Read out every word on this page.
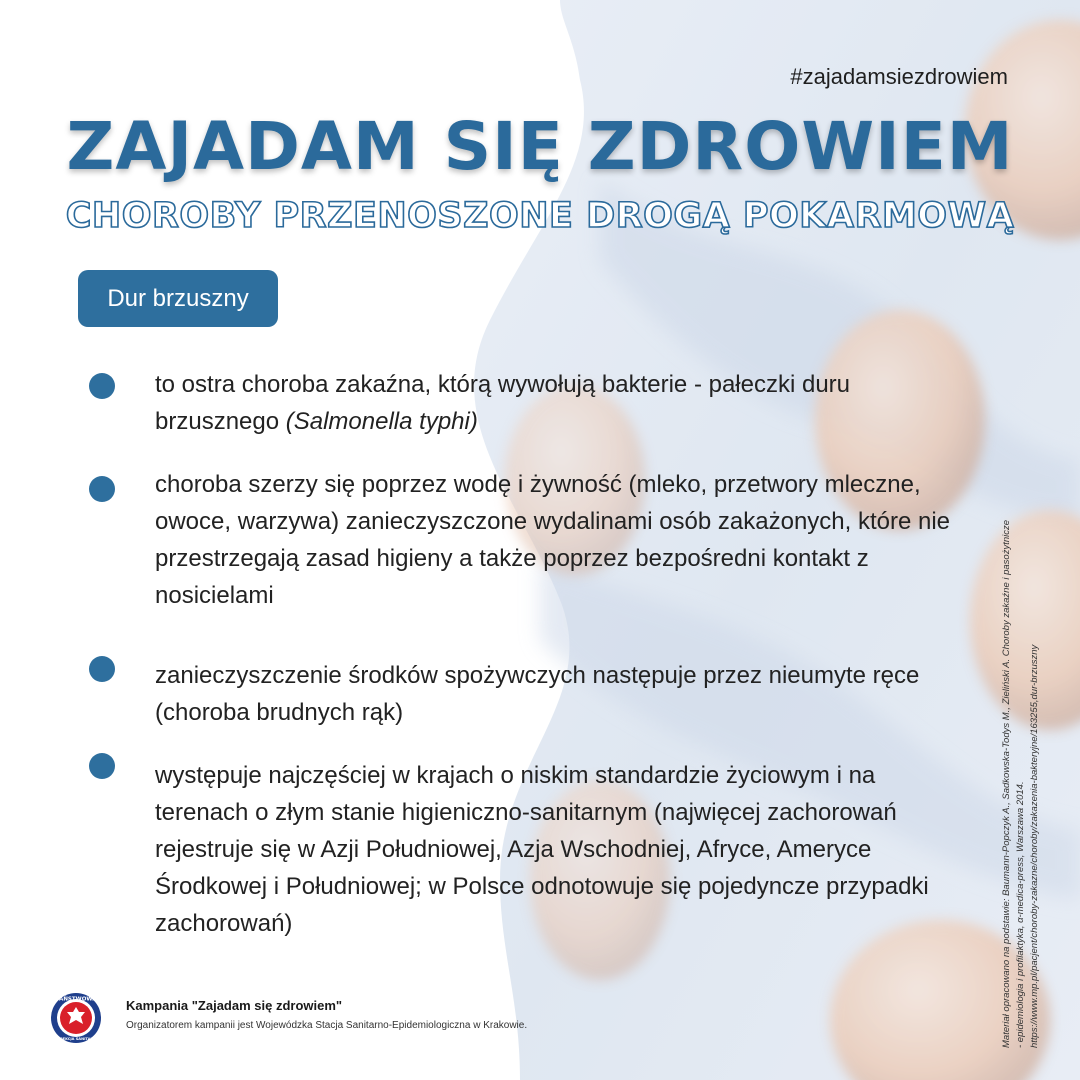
#zajadamsiezdrowiem
ZAJADAM SIĘ ZDROWIEM
CHOROBY PRZENOSZONE DROGĄ POKARMOWĄ
Dur brzuszny
to ostra choroba zakaźna, którą wywołują bakterie - pałeczki duru brzusznego (Salmonella typhi)
choroba szerzy się poprzez wodę i żywność (mleko, przetwory mleczne, owoce, warzywa) zanieczyszczone wydalinami osób zakażonych, które nie przestrzegają zasad higieny a także poprzez bezpośredni kontakt z nosicielami
zanieczyszczenie środków spożywczych następuje przez nieumyte ręce (choroba brudnych rąk)
występuje najczęściej w krajach o niskim standardzie życiowym i na terenach o złym stanie higieniczno-sanitarnym (najwięcej zachorowań rejestruje się w Azji Południowej, Azja Wschodniej, Afryce, Ameryce Środkowej i Południowej; w Polsce odnotowuje się pojedyncze przypadki zachorowań)	Materiał opracowano na podstawie: Baumann-Popczyk A., Sadkowska-Todys M., Zieliński A. Choroby zakaźne i pasożytnicze - epidemiologia i profilaktyka, α-medica-press, Warszawa 2014. https://www.mp.pl/pacjent/choroby-zakazne/choroby/zakazenia-bakteryjne/163255,dur-brzuszny
PAŃSTWOWA
INSPEKCJA SANITARNA
Kampania "Zajadam się zdrowiem"
Organizatorem kampanii jest Wojewódzka Stacja Sanitarno-Epidemiologiczna w Krakowie.
